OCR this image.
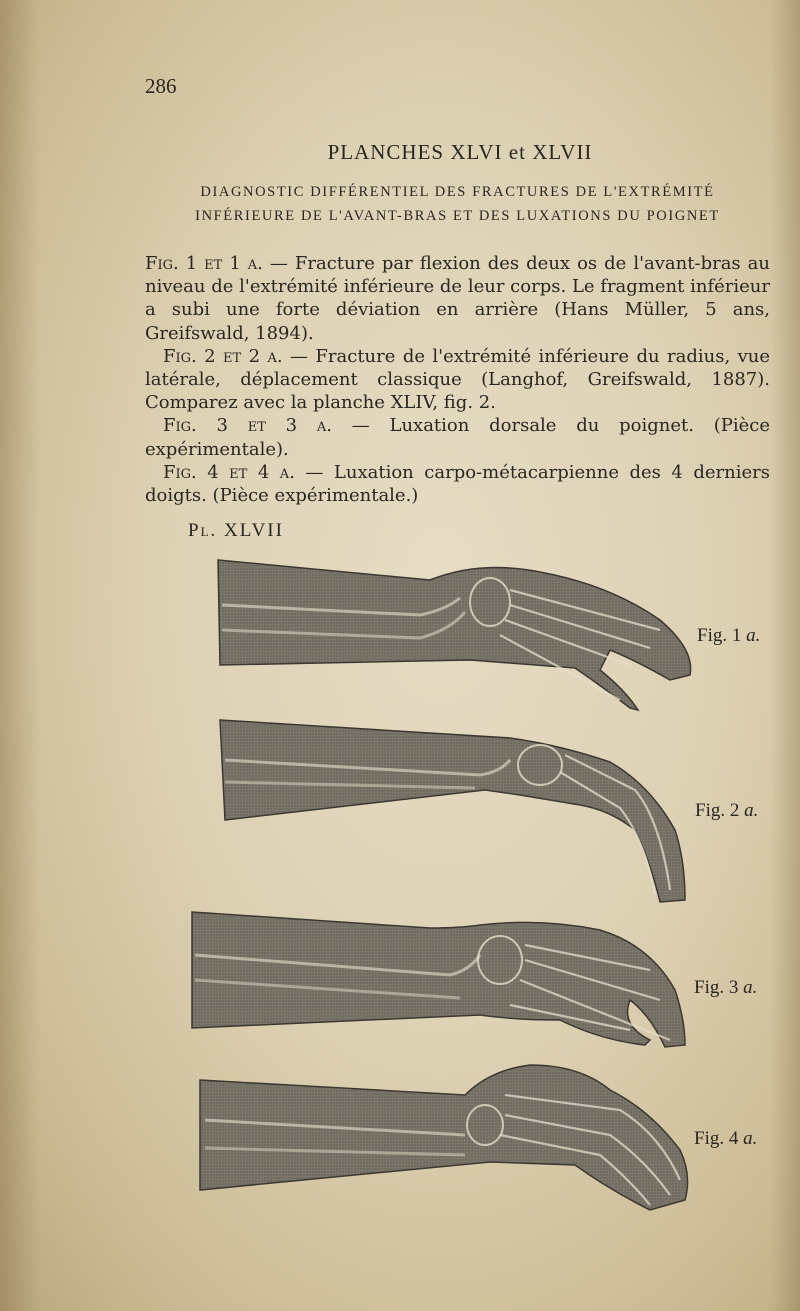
286
PLANCHES XLVI et XLVII
DIAGNOSTIC DIFFÉRENTIEL DES FRACTURES DE L'EXTRÉMITÉ
INFÉRIEURE DE L'AVANT-BRAS ET DES LUXATIONS DU POIGNET

Fig. 1 et 1 a. — Fracture par flexion des deux os de l'avant-bras au niveau de l'extrémité inférieure de leur corps. Le fragment inférieur a subi une forte déviation en arrière (Hans Müller, 5 ans, Greifswald, 1894).

Fig. 2 et 2 a. — Fracture de l'extrémité inférieure du radius, vue latérale, déplacement classique (Langhof, Greifswald, 1887). Comparez avec la planche XLIV, fig. 2.

Fig. 3 et 3 a. — Luxation dorsale du poignet. (Pièce expérimentale).

Fig. 4 et 4 a. — Luxation carpo-métacarpienne des 4 derniers doigts. (Pièce expérimentale.)

Pl. XLVII
Fig. 1 a.
Fig. 2 a.
Fig. 3 a.
Fig. 4 a.
